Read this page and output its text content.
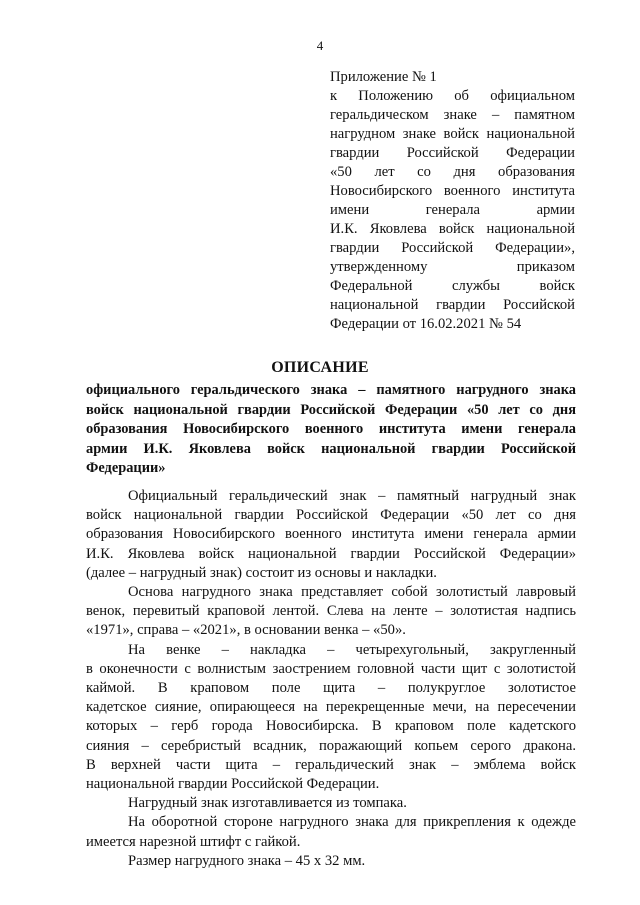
4
Приложение № 1
к Положению об официальном
геральдическом знаке – памятном
нагрудном знаке войск национальной
гвардии Российской Федерации
«50 лет со дня образования
Новосибирского военного института
имени генерала армии
И.К. Яковлева войск национальной
гвардии Российской Федерации»,
утвержденному приказом
Федеральной службы войск
национальной гвардии Российской
Федерации от 16.02.2021 № 54
ОПИСАНИЕ
официального геральдического знака – памятного нагрудного знака
войск национальной гвардии Российской Федерации «50 лет со дня
образования Новосибирского военного института имени генерала
армии И.К. Яковлева войск национальной гвардии Российской
Федерации»
Официальный геральдический знак – памятный нагрудный знак
войск национальной гвардии Российской Федерации «50 лет со дня
образования Новосибирского военного института имени генерала армии
И.К. Яковлева войск национальной гвардии Российской Федерации»
(далее – нагрудный знак) состоит из основы и накладки.
Основа нагрудного знака представляет собой золотистый лавровый
венок, перевитый краповой лентой. Слева на ленте – золотистая надпись
«1971», справа – «2021», в основании венка – «50».
На венке – накладка – четырехугольный, закругленный
в оконечности с волнистым заострением головной части щит с золотистой
каймой. В краповом поле щита – полукруглое золотистое
кадетское сияние, опирающееся на перекрещенные мечи, на пересечении
которых – герб города Новосибирска. В краповом поле кадетского
сияния – серебристый всадник, поражающий копьем серого дракона.
В верхней части щита – геральдический знак – эмблема войск
национальной гвардии Российской Федерации.
Нагрудный знак изготавливается из томпака.
На оборотной стороне нагрудного знака для прикрепления к одежде
имеется нарезной штифт с гайкой.
Размер нагрудного знака – 45 х 32 мм.
